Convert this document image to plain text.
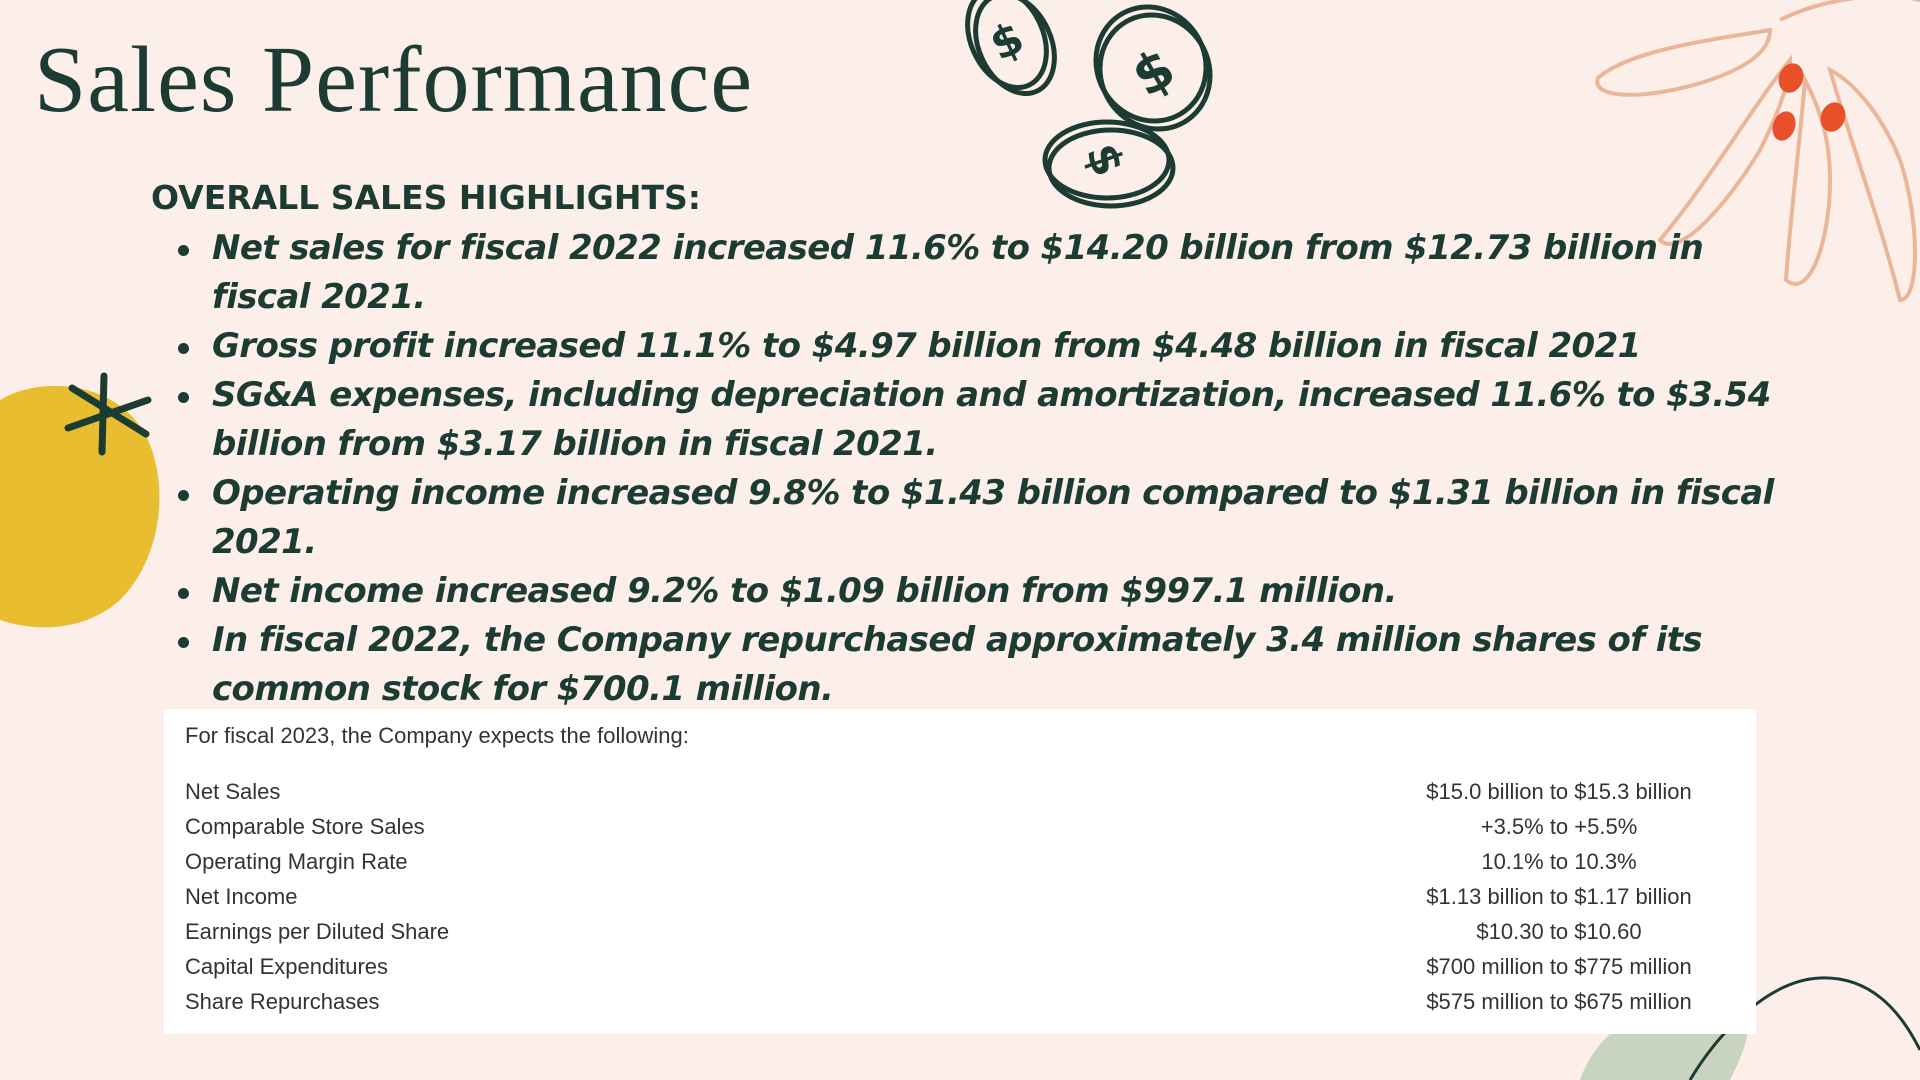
$ $
$
Sales Performance
OVERALL SALES HIGHLIGHTS:
Net sales for fiscal 2022 increased 11.6% to $14.20 billion from $12.73 billion in fiscal 2021.
Gross profit increased 11.1% to $4.97 billion from $4.48 billion in fiscal 2021
SG&A expenses, including depreciation and amortization, increased 11.6% to $3.54 billion from $3.17 billion in fiscal 2021.
Operating income increased 9.8% to $1.43 billion compared to $1.31 billion in fiscal 2021.
Net income increased 9.2% to $1.09 billion from $997.1 million.
In fiscal 2022, the Company repurchased approximately 3.4 million shares of its common stock for $700.1 million.
For fiscal 2023, the Company expects the following:
Net Sales	$15.0 billion to $15.3 billion
Comparable Store Sales	+3.5% to +5.5%
Operating Margin Rate	10.1% to 10.3%
Net Income	$1.13 billion to $1.17 billion
Earnings per Diluted Share	$10.30 to $10.60
Capital Expenditures	$700 million to $775 million
Share Repurchases	$575 million to $675 million
